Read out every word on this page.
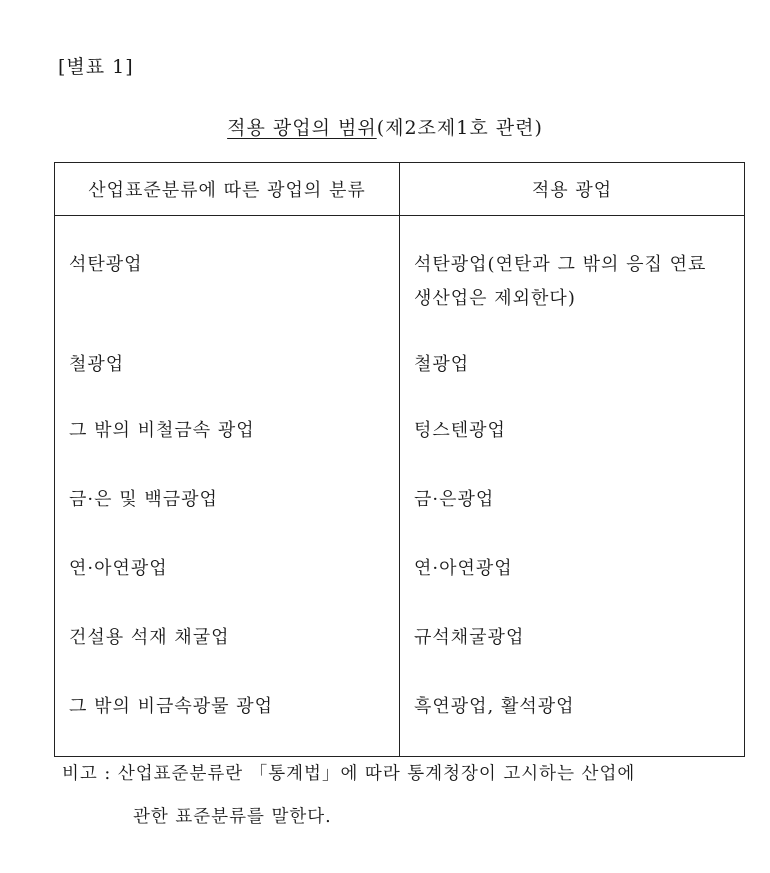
[별표 1]
적용 광업의 범위(제2조제1호 관련)
산업표준분류에 따른 광업의 분류	적용 광업
석탄광업	석탄광업(연탄과 그 밖의 응집 연료 생산업은 제외한다)
철광업	철광업
그 밖의 비철금속 광업	텅스텐광업
금·은 및 백금광업	금·은광업
연·아연광업	연·아연광업
건설용 석재 채굴업	규석채굴광업
그 밖의 비금속광물 광업	흑연광업, 활석광업
비고 : 산업표준분류란 「통계법」에 따라 통계청장이 고시하는 산업에
관한 표준분류를 말한다.
